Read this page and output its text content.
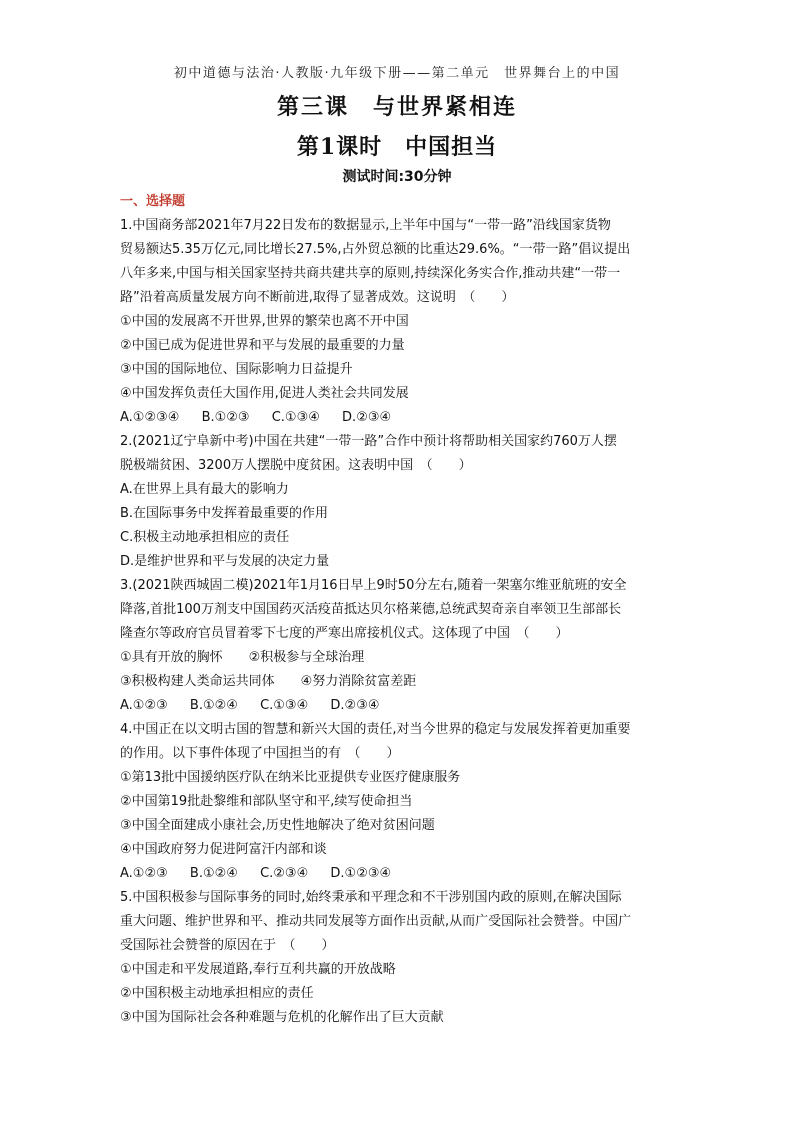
初中道德与法治·人教版·九年级下册——第二单元　世界舞台上的中国
第三课　与世界紧相连
第1课时　中国担当
测试时间:30分钟
一、选择题
1.中国商务部2021年7月22日发布的数据显示,上半年中国与“一带一路”沿线国家货物
贸易额达5.35万亿元,同比增长27.5%,占外贸总额的比重达29.6%。“一带一路”倡议提出
八年多来,中国与相关国家坚持共商共建共享的原则,持续深化务实合作,推动共建“一带一
路”沿着高质量发展方向不断前进,取得了显著成效。这说明　（　　）
①中国的发展离不开世界,世界的繁荣也离不开中国
②中国已成为促进世界和平与发展的最重要的力量
③中国的国际地位、国际影响力日益提升
④中国发挥负责任大国作用,促进人类社会共同发展
A.①②③④ B.①②③ C.①③④ D.②③④
2.(2021辽宁阜新中考)中国在共建“一带一路”合作中预计将帮助相关国家约760万人摆
脱极端贫困、3200万人摆脱中度贫困。这表明中国　（　　）
A.在世界上具有最大的影响力
B.在国际事务中发挥着最重要的作用
C.积极主动地承担相应的责任
D.是维护世界和平与发展的决定力量
3.(2021陕西城固二模)2021年1月16日早上9时50分左右,随着一架塞尔维亚航班的安全
降落,首批100万剂支中国国药灭活疫苗抵达贝尔格莱德,总统武契奇亲自率领卫生部部长
隆查尔等政府官员冒着零下七度的严寒出席接机仪式。这体现了中国　（　　）
①具有开放的胸怀　　②积极参与全球治理
③积极构建人类命运共同体　　④努力消除贫富差距
A.①②③ B.①②④ C.①③④ D.②③④
4.中国正在以文明古国的智慧和新兴大国的责任,对当今世界的稳定与发展发挥着更加重要
的作用。以下事件体现了中国担当的有　（　　）
①第13批中国援纳医疗队在纳米比亚提供专业医疗健康服务
②中国第19批赴黎维和部队坚守和平,续写使命担当
③中国全面建成小康社会,历史性地解决了绝对贫困问题
④中国政府努力促进阿富汗内部和谈
A.①②③ B.①②④ C.②③④ D.①②③④
5.中国积极参与国际事务的同时,始终秉承和平理念和不干涉别国内政的原则,在解决国际
重大问题、维护世界和平、推动共同发展等方面作出贡献,从而广受国际社会赞誉。中国广
受国际社会赞誉的原因在于　（　　）
①中国走和平发展道路,奉行互利共赢的开放战略
②中国积极主动地承担相应的责任
③中国为国际社会各种难题与危机的化解作出了巨大贡献
